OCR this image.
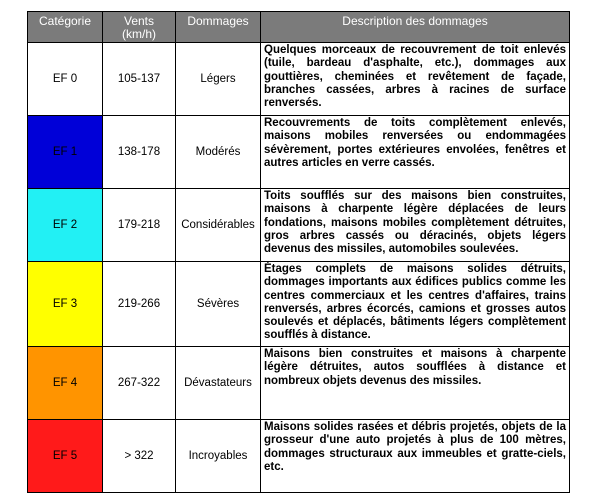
Catégorie	Vents (km/h)	Dommages	Description des dommages
EF 0	105-137	Légers	Quelques morceaux de recouvrement de toit enlevés (tuile, bardeau d'asphalte, etc.), dommages aux gouttières, cheminées et revêtement de façade, branches cassées, arbres à racines de surface renversés.
EF 1	138-178	Modérés	Recouvrements de toits complètement enlevés, maisons mobiles renversées ou endommagées sévèrement, portes extérieures envolées, fenêtres et autres articles en verre cassés.
EF 2	179-218	Considérables	Toits soufflés sur des maisons bien construites, maisons à charpente légère déplacées de leurs fondations, maisons mobiles complètement détruites, gros arbres cassés ou déracinés, objets légers devenus des missiles, automobiles soulevées.
EF 3	219-266	Sévères	Étages complets de maisons solides détruits, dommages importants aux édifices publics comme les centres commerciaux et les centres d'affaires, trains renversés, arbres écorcés, camions et grosses autos soulevés et déplacés, bâtiments légers complètement soufflés à distance.
EF 4	267-322	Dévastateurs	Maisons bien construites et maisons à charpente légère détruites, autos soufflées à distance et nombreux objets devenus des missiles.
EF 5	> 322	Incroyables	Maisons solides rasées et débris projetés, objets de la grosseur d'une auto projetés à plus de 100 mètres, dommages structuraux aux immeubles et gratte-ciels, etc.
